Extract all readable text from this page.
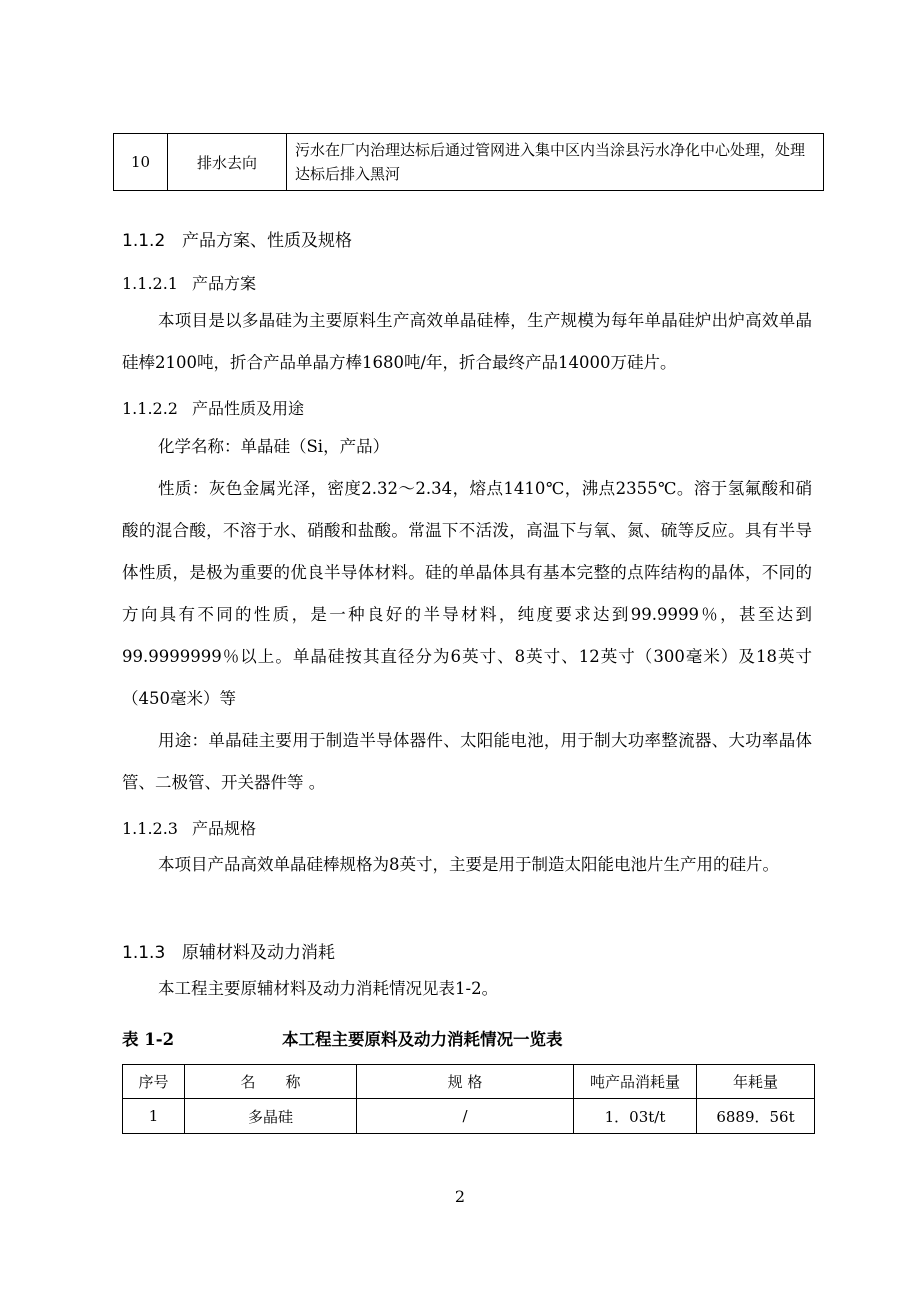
10	排水去向	污水在厂内治理达标后通过管网进入集中区内当涂县污水净化中心处理，处理达标后排入黑河
1.1.2 产品方案、性质及规格
1.1.2.1 产品方案
本项目是以多晶硅为主要原料生产高效单晶硅棒，生产规模为每年单晶硅炉出炉高效单晶硅棒2100吨，折合产品单晶方棒1680吨/年，折合最终产品14000万硅片。
1.1.2.2 产品性质及用途
化学名称：单晶硅（Si，产品）
性质：灰色金属光泽，密度2.32～2.34，熔点1410℃，沸点2355℃。溶于氢氟酸和硝酸的混合酸，不溶于水、硝酸和盐酸。常温下不活泼，高温下与氧、氮、硫等反应。具有半导体性质，是极为重要的优良半导体材料。硅的单晶体具有基本完整的点阵结构的晶体，不同的方向具有不同的性质，是一种良好的半导材料，纯度要求达到99.9999％，甚至达到99.9999999％以上。单晶硅按其直径分为6英寸、8英寸、12英寸（300毫米）及18英寸（450毫米）等
用途：单晶硅主要用于制造半导体器件、太阳能电池，用于制大功率整流器、大功率晶体管、二极管、开关器件等 。
1.1.2.3 产品规格
本项目产品高效单晶硅棒规格为8英寸，主要是用于制造太阳能电池片生产用的硅片。
1.1.3 原辅材料及动力消耗
本工程主要原辅材料及动力消耗情况见表1-2。
表 1-2	本工程主要原料及动力消耗情况一览表
序号	名　　称	规 格	吨产品消耗量	年耗量
1	多晶硅	/	1．03t/t	6889．56t
2
